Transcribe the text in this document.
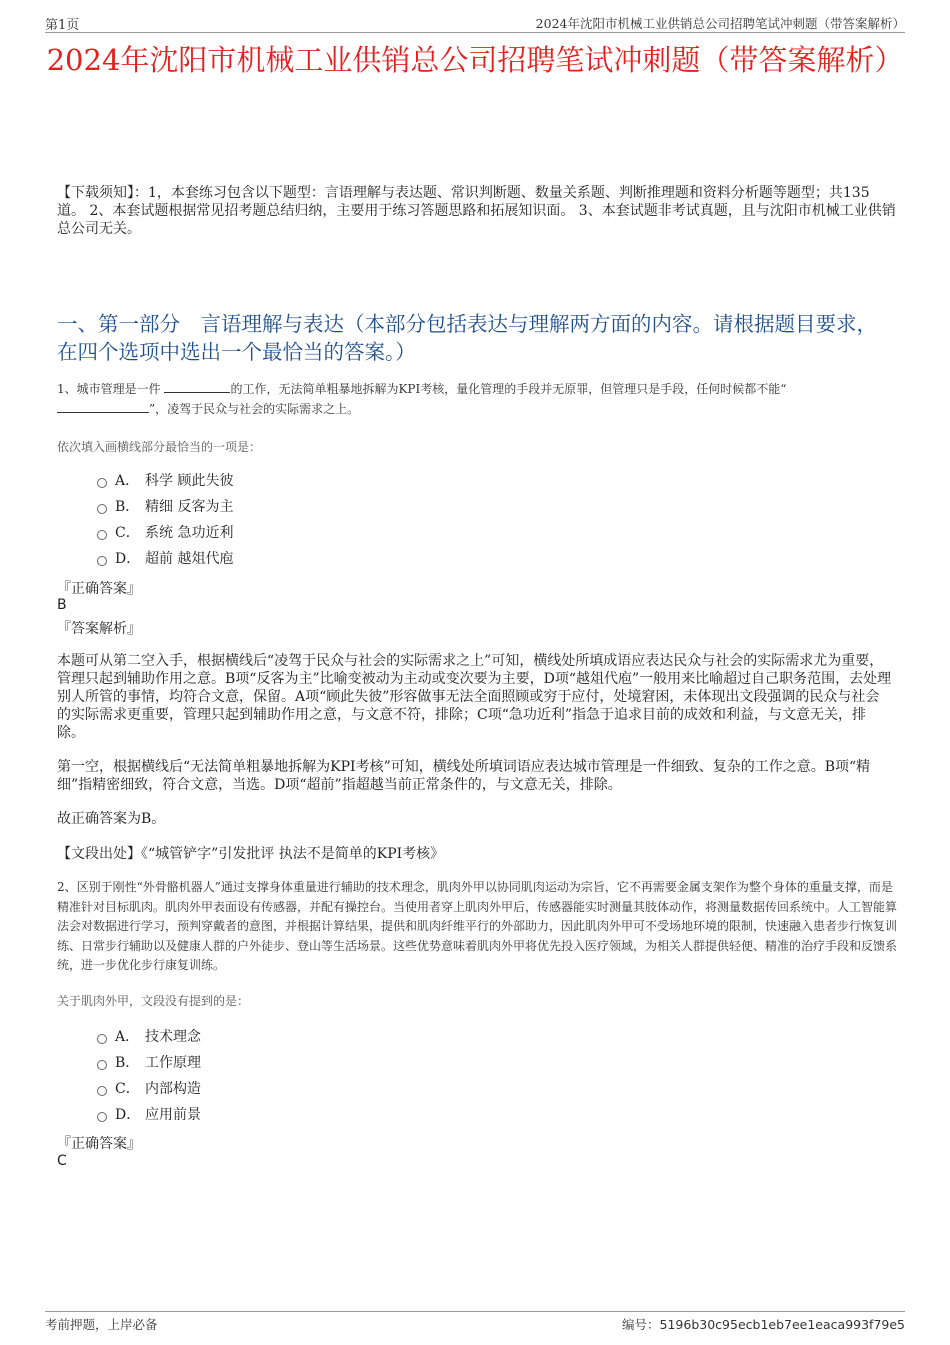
第1页	2024年沈阳市机械工业供销总公司招聘笔试冲刺题（带答案解析）
2024年沈阳市机械工业供销总公司招聘笔试冲刺题（带答案解析）
【下载须知】：1，本套练习包含以下题型：言语理解与表达题、常识判断题、数量关系题、判断推理题和资料分析题等题型；共135道。 2、本套试题根据常见招考题总结归纳，主要用于练习答题思路和拓展知识面。 3、本套试题非考试真题，且与沈阳市机械工业供销总公司无关。
一、第一部分　言语理解与表达（本部分包括表达与理解两方面的内容。请根据题目要求，在四个选项中选出一个最恰当的答案。）
1、城市管理是一件	的工作，无法简单粗暴地拆解为KPI考核，量化管理的手段并无原罪，但管理只是手段，任何时候都不能“
”，凌驾于民众与社会的实际需求之上。
依次填入画横线部分最恰当的一项是：
A． 科学 顾此失彼
B． 精细 反客为主
C． 系统 急功近利
D． 超前 越俎代庖
『正确答案』
B
『答案解析』
本题可从第二空入手，根据横线后“凌驾于民众与社会的实际需求之上”可知，横线处所填成语应表达民众与社会的实际需求尤为重要，管理只起到辅助作用之意。B项“反客为主”比喻变被动为主动或变次要为主要，D项“越俎代庖”一般用来比喻超过自己职务范围，去处理别人所管的事情，均符合文意，保留。A项“顾此失彼”形容做事无法全面照顾或穷于应付，处境窘困，未体现出文段强调的民众与社会的实际需求更重要，管理只起到辅助作用之意，与文意不符，排除；C项“急功近利”指急于追求目前的成效和利益，与文意无关，排除。
第一空，根据横线后“无法简单粗暴地拆解为KPI考核”可知，横线处所填词语应表达城市管理是一件细致、复杂的工作之意。B项“精细”指精密细致，符合文意，当选。D项“超前”指超越当前正常条件的，与文意无关，排除。
故正确答案为B。
【文段出处】《“城管铲字”引发批评 执法不是简单的KPI考核》
2、区别于刚性“外骨骼机器人”通过支撑身体重量进行辅助的技术理念，肌肉外甲以协同肌肉运动为宗旨，它不再需要金属支架作为整个身体的重量支撑，而是精准针对目标肌肉。肌肉外甲表面设有传感器，并配有操控台。当使用者穿上肌肉外甲后，传感器能实时测量其肢体动作，将测量数据传回系统中。人工智能算法会对数据进行学习，预判穿戴者的意图，并根据计算结果，提供和肌肉纤维平行的外部助力，因此肌肉外甲可不受场地环境的限制，快速融入患者步行恢复训练、日常步行辅助以及健康人群的户外徒步、登山等生活场景。这些优势意味着肌肉外甲将优先投入医疗领域，为相关人群提供轻便、精准的治疗手段和反馈系统，进一步优化步行康复训练。
关于肌肉外甲，文段没有提到的是：
A． 技术理念
B． 工作原理
C． 内部构造
D． 应用前景
『正确答案』
C
考前押题，上岸必备	编号：5196b30c95ecb1eb7ee1eaca993f79e5
